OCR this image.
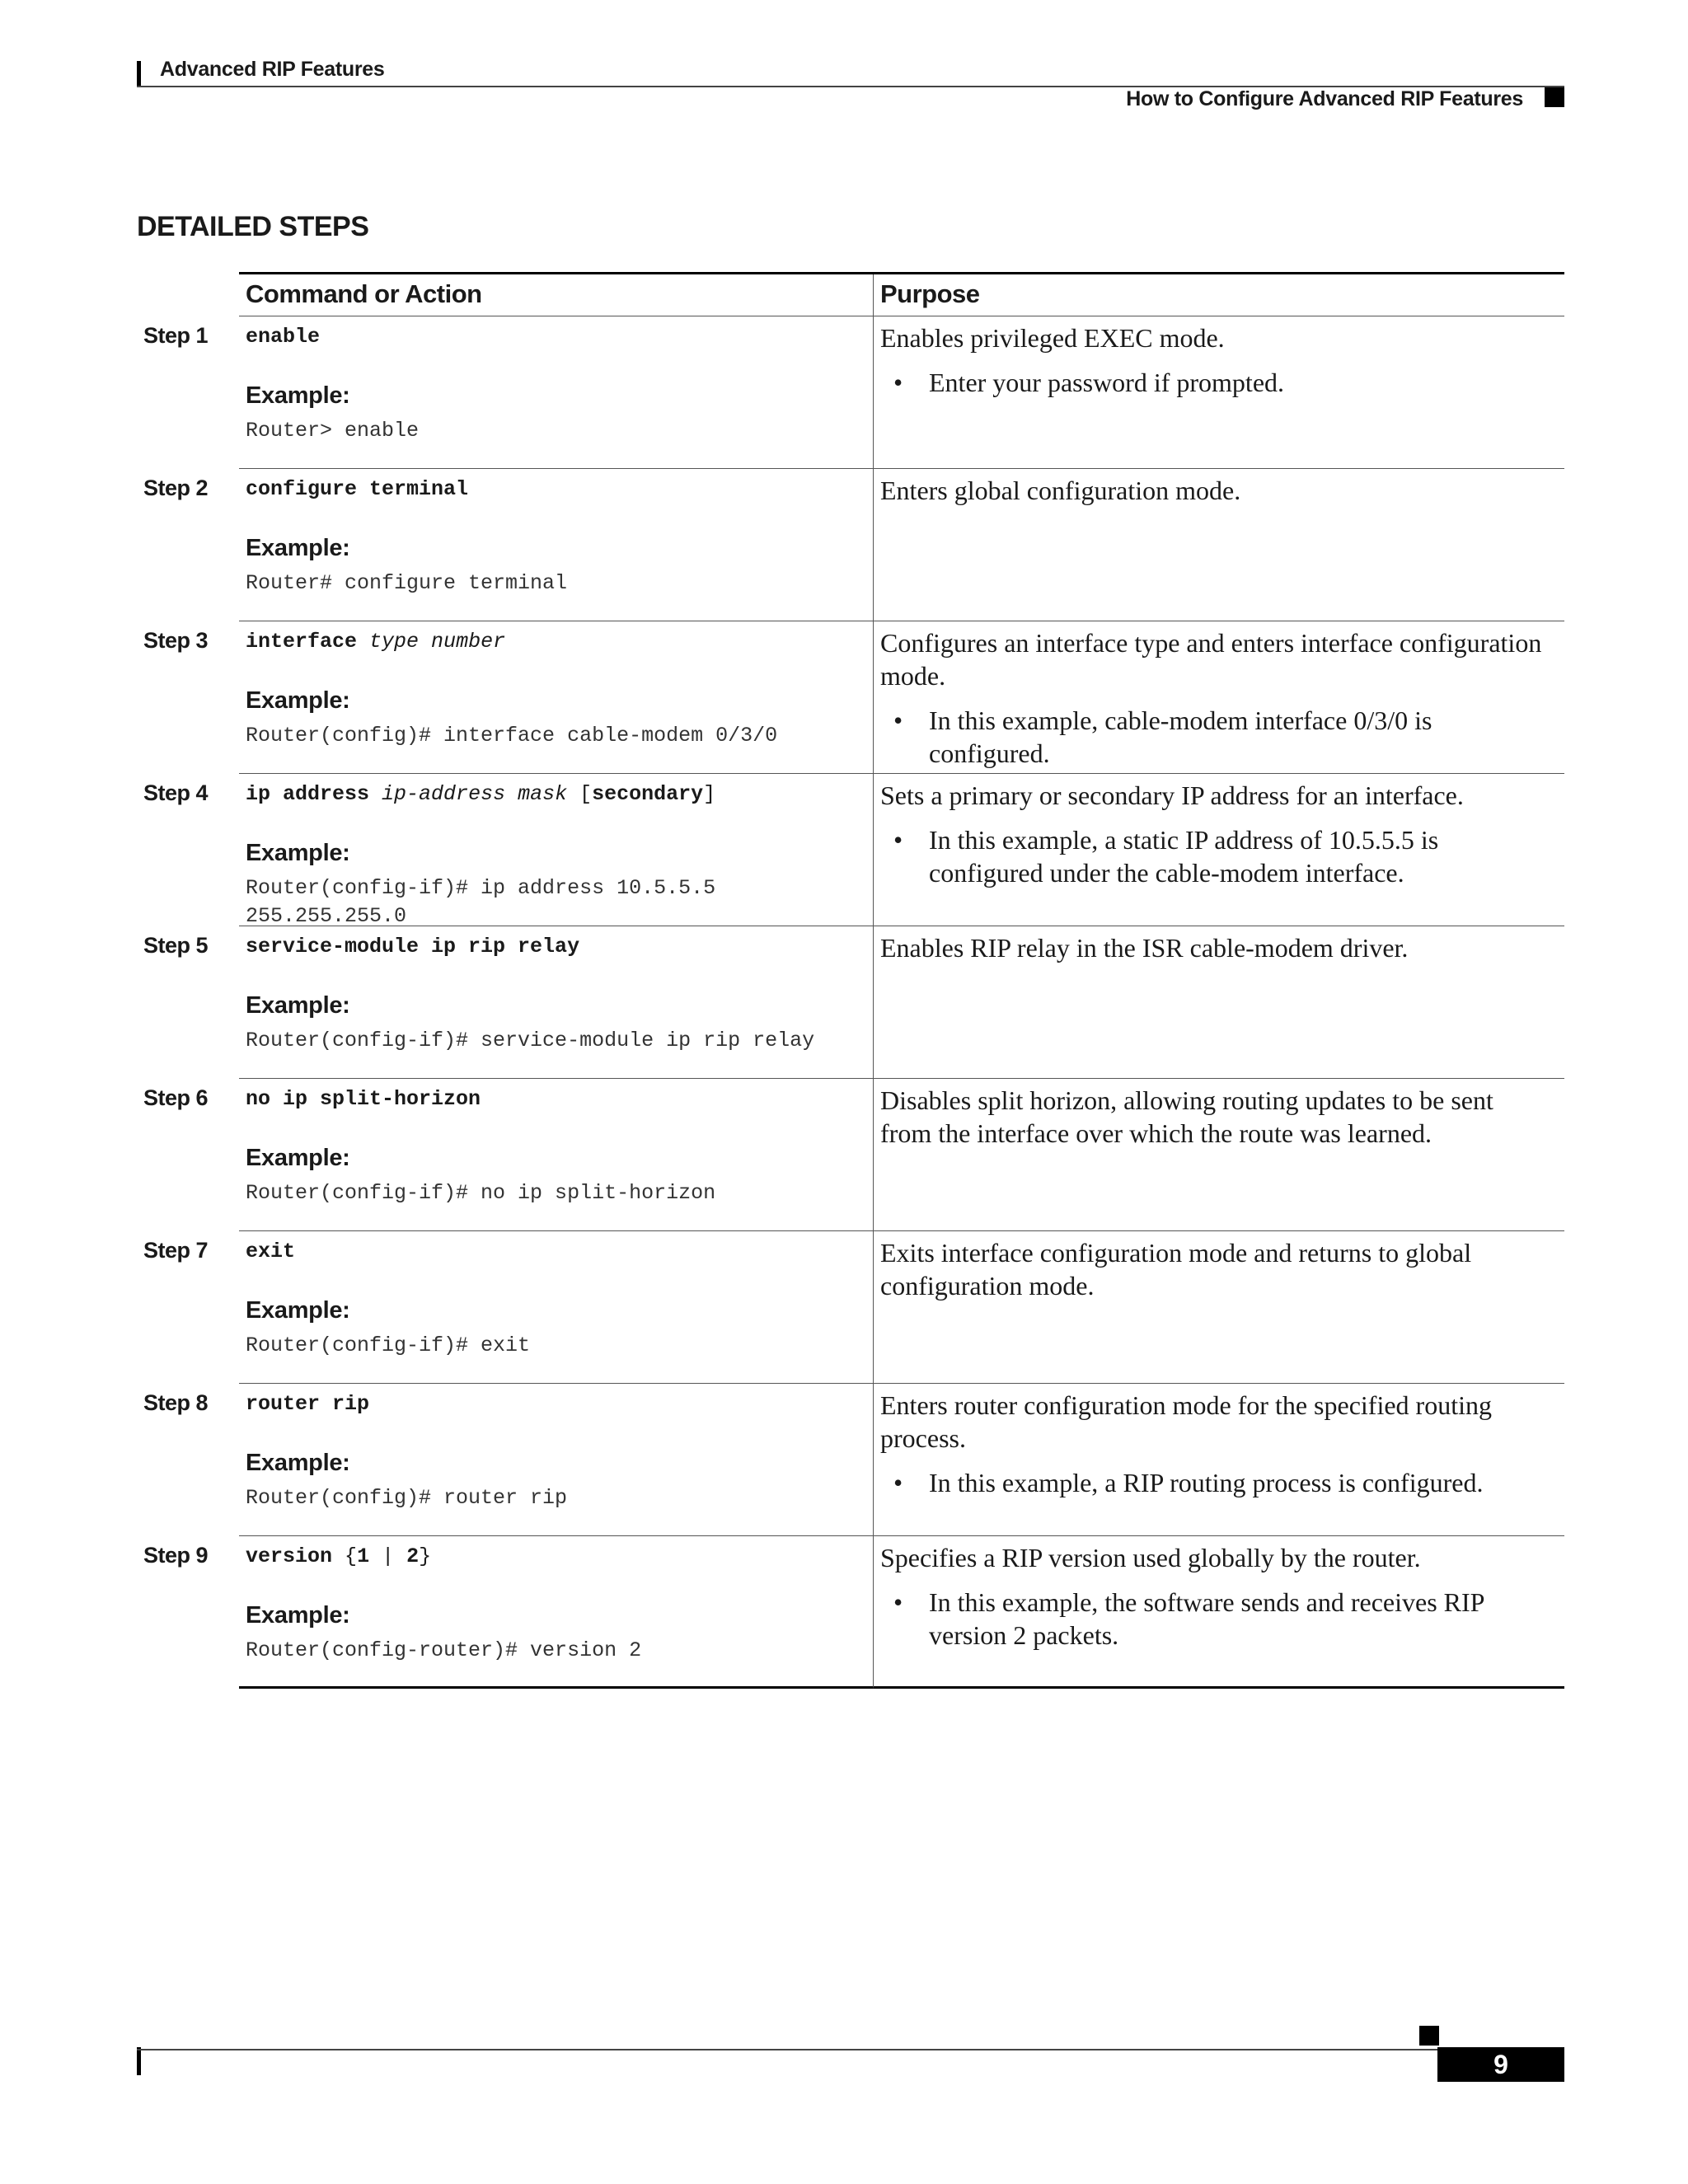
Advanced RIP Features
How to Configure Advanced RIP Features
DETAILED STEPS
Command or Action	Purpose
Step 1	enable
Example:
Router> enable
Enables privileged EXEC mode.
• Enter your password if prompted.
Step 2	configure terminal
Example:
Router# configure terminal
Enters global configuration mode.
Step 3	interface type number
Example:
Router(config)# interface cable-modem 0/3/0
Configures an interface type and enters interface configuration mode.
• In this example, cable-modem interface 0/3/0 is configured.
Step 4	ip address ip-address mask [secondary]
Example:
Router(config-if)# ip address 10.5.5.5 255.255.255.0
Sets a primary or secondary IP address for an interface.
• In this example, a static IP address of 10.5.5.5 is configured under the cable-modem interface.
Step 5	service-module ip rip relay
Example:
Router(config-if)# service-module ip rip relay
Enables RIP relay in the ISR cable-modem driver.
Step 6	no ip split-horizon
Example:
Router(config-if)# no ip split-horizon
Disables split horizon, allowing routing updates to be sent from the interface over which the route was learned.
Step 7	exit
Example:
Router(config-if)# exit
Exits interface configuration mode and returns to global configuration mode.
Step 8	router rip
Example:
Router(config)# router rip
Enters router configuration mode for the specified routing process.
• In this example, a RIP routing process is configured.
Step 9	version {1 | 2}
Example:
Router(config-router)# version 2
Specifies a RIP version used globally by the router.
• In this example, the software sends and receives RIP version 2 packets.
9
